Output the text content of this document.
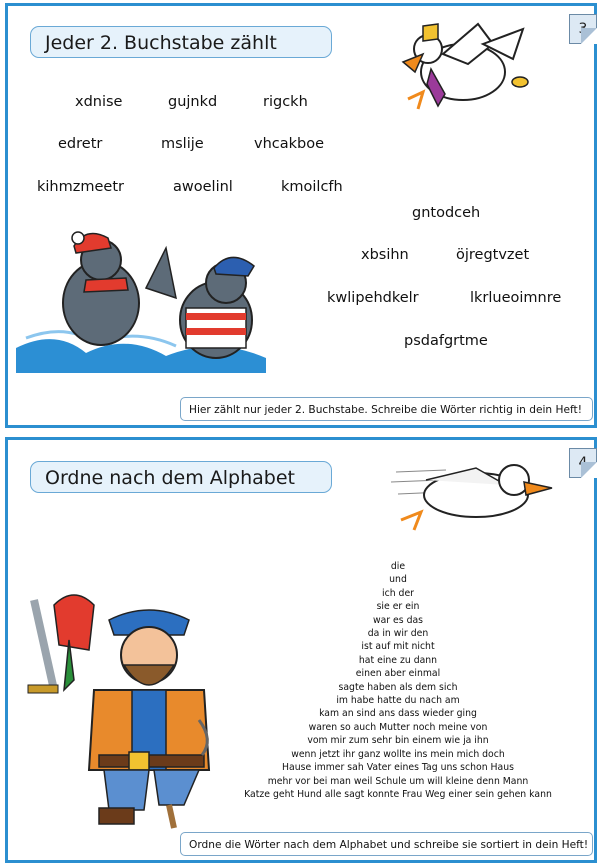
Jeder 2. Buchstabe zählt
3
xdnise	gujnkd	rigckh
edretr	mslije	vhcakboe
kihmzmeetr	awoelinl	kmoilcfh
gntodceh
xbsihn	öjregtvzet
kwlipehdkelr	lkrlueoimnre
psdafgrtme
Hier zählt nur jeder 2. Buchstabe. Schreibe die Wörter richtig in dein Heft!
Ordne nach dem Alphabet
4
die
und
ich der
sie er ein
war es das
da in wir den
ist auf mit nicht
hat eine zu dann
einen aber einmal
sagte haben als dem sich
im habe hatte du nach am
kam an sind ans dass wieder ging
waren so auch Mutter noch meine von
vom mir zum sehr bin einem wie ja ihn
wenn jetzt ihr ganz wollte ins mein mich doch
Hause immer sah Vater eines Tag uns schon Haus
mehr vor bei man weil Schule um will kleine denn Mann
Katze geht Hund alle sagt konnte Frau Weg einer sein gehen kann
Ordne die Wörter nach dem Alphabet und schreibe sie sortiert in dein Heft!
